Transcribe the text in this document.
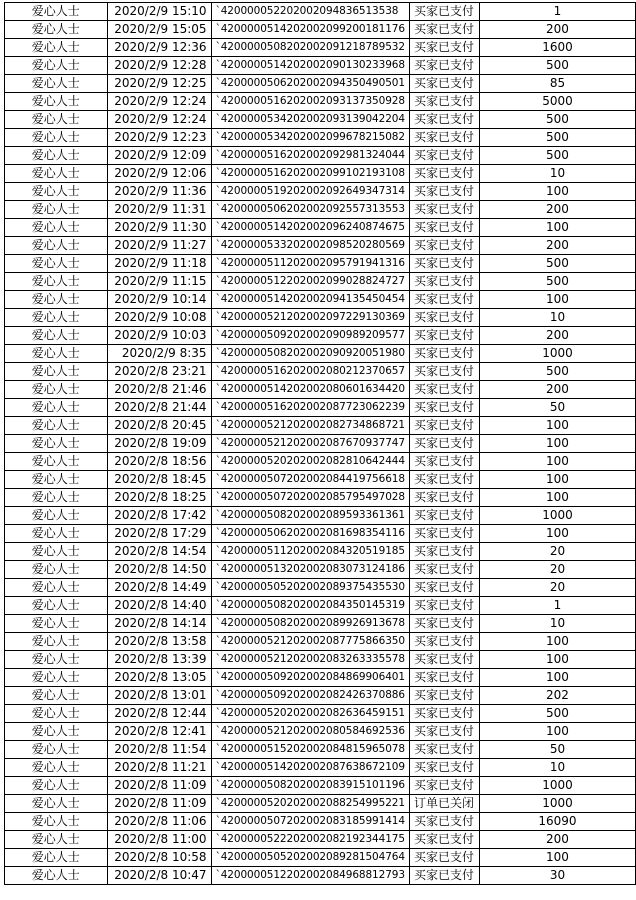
爱心人士	2020/2/9 15:10	`420000052202002094836513538	买家已支付	1
爱心人士	2020/2/9 15:05	`4200000514202002099200181176	买家已支付	200
爱心人士	2020/2/9 12:36	`4200000508202002091218789532	买家已支付	1600
爱心人士	2020/2/9 12:28	`4200000514202002090130233968	买家已支付	500
爱心人士	2020/2/9 12:25	`4200000506202002094350490501	买家已支付	85
爱心人士	2020/2/9 12:24	`4200000516202002093137350928	买家已支付	5000
爱心人士	2020/2/9 12:24	`4200000534202002093139042204	买家已支付	500
爱心人士	2020/2/9 12:23	`4200000534202002099678215082	买家已支付	500
爱心人士	2020/2/9 12:09	`4200000516202002092981324044	买家已支付	500
爱心人士	2020/2/9 12:06	`4200000516202002099102193108	买家已支付	10
爱心人士	2020/2/9 11:36	`4200000519202002092649347314	买家已支付	100
爱心人士	2020/2/9 11:31	`4200000506202002092557313553	买家已支付	200
爱心人士	2020/2/9 11:30	`4200000514202002096240874675	买家已支付	100
爱心人士	2020/2/9 11:27	`4200000533202002098520280569	买家已支付	200
爱心人士	2020/2/9 11:18	`4200000511202002095791941316	买家已支付	500
爱心人士	2020/2/9 11:15	`4200000512202002099028824727	买家已支付	500
爱心人士	2020/2/9 10:14	`4200000514202002094135450454	买家已支付	100
爱心人士	2020/2/9 10:08	`4200000521202002097229130369	买家已支付	10
爱心人士	2020/2/9 10:03	`4200000509202002090989209577	买家已支付	200
爱心人士	2020/2/9 8:35	`4200000508202002090920051980	买家已支付	1000
爱心人士	2020/2/8 23:21	`4200000516202002080212370657	买家已支付	500
爱心人士	2020/2/8 21:46	`4200000514202002080601634420	买家已支付	200
爱心人士	2020/2/8 21:44	`4200000516202002087723062239	买家已支付	50
爱心人士	2020/2/8 20:45	`4200000521202002082734868721	买家已支付	100
爱心人士	2020/2/8 19:09	`4200000521202002087670937747	买家已支付	100
爱心人士	2020/2/8 18:56	`4200000520202002082810642444	买家已支付	100
爱心人士	2020/2/8 18:45	`4200000507202002084419756618	买家已支付	100
爱心人士	2020/2/8 18:25	`4200000507202002085795497028	买家已支付	100
爱心人士	2020/2/8 17:42	`4200000508202002089593361361	买家已支付	1000
爱心人士	2020/2/8 17:29	`4200000506202002081698354116	买家已支付	100
爱心人士	2020/2/8 14:54	`4200000511202002084320519185	买家已支付	20
爱心人士	2020/2/8 14:50	`4200000513202002083073124186	买家已支付	20
爱心人士	2020/2/8 14:49	`4200000505202002089375435530	买家已支付	20
爱心人士	2020/2/8 14:40	`4200000508202002084350145319	买家已支付	1
爱心人士	2020/2/8 14:14	`4200000508202002089926913678	买家已支付	10
爱心人士	2020/2/8 13:58	`4200000521202002087775866350	买家已支付	100
爱心人士	2020/2/8 13:39	`4200000521202002083263335578	买家已支付	100
爱心人士	2020/2/8 13:05	`4200000509202002084869906401	买家已支付	100
爱心人士	2020/2/8 13:01	`4200000509202002082426370886	买家已支付	202
爱心人士	2020/2/8 12:44	`4200000520202002082636459151	买家已支付	500
爱心人士	2020/2/8 12:41	`4200000521202002080584692536	买家已支付	100
爱心人士	2020/2/8 11:54	`4200000515202002084815965078	买家已支付	50
爱心人士	2020/2/8 11:21	`4200000514202002087638672109	买家已支付	10
爱心人士	2020/2/8 11:09	`4200000508202002083915101196	买家已支付	1000
爱心人士	2020/2/8 11:09	`4200000520202002088254995221	订单已关闭	1000
爱心人士	2020/2/8 11:06	`4200000507202002083185991414	买家已支付	16090
爱心人士	2020/2/8 11:00	`4200000522202002082192344175	买家已支付	200
爱心人士	2020/2/8 10:58	`4200000505202002089281504764	买家已支付	100
爱心人士	2020/2/8 10:47	`4200000512202002084968812793	买家已支付	30
